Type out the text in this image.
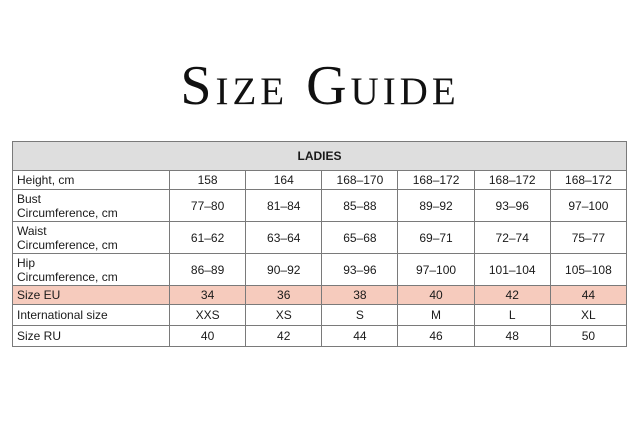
Size Guide
LADIES						
Height, cm	158	164	168–170	168–172	168–172	168–172
Bust
Circumference, cm	77–80	81–84	85–88	89–92	93–96	97–100
Waist
Circumference, cm	61–62	63–64	65–68	69–71	72–74	75–77
Hip
Circumference, cm	86–89	90–92	93–96	97–100	101–104	105–108
Size EU	34	36	38	40	42	44
International size	XXS	XS	S	M	L	XL
Size RU	40	42	44	46	48	50
